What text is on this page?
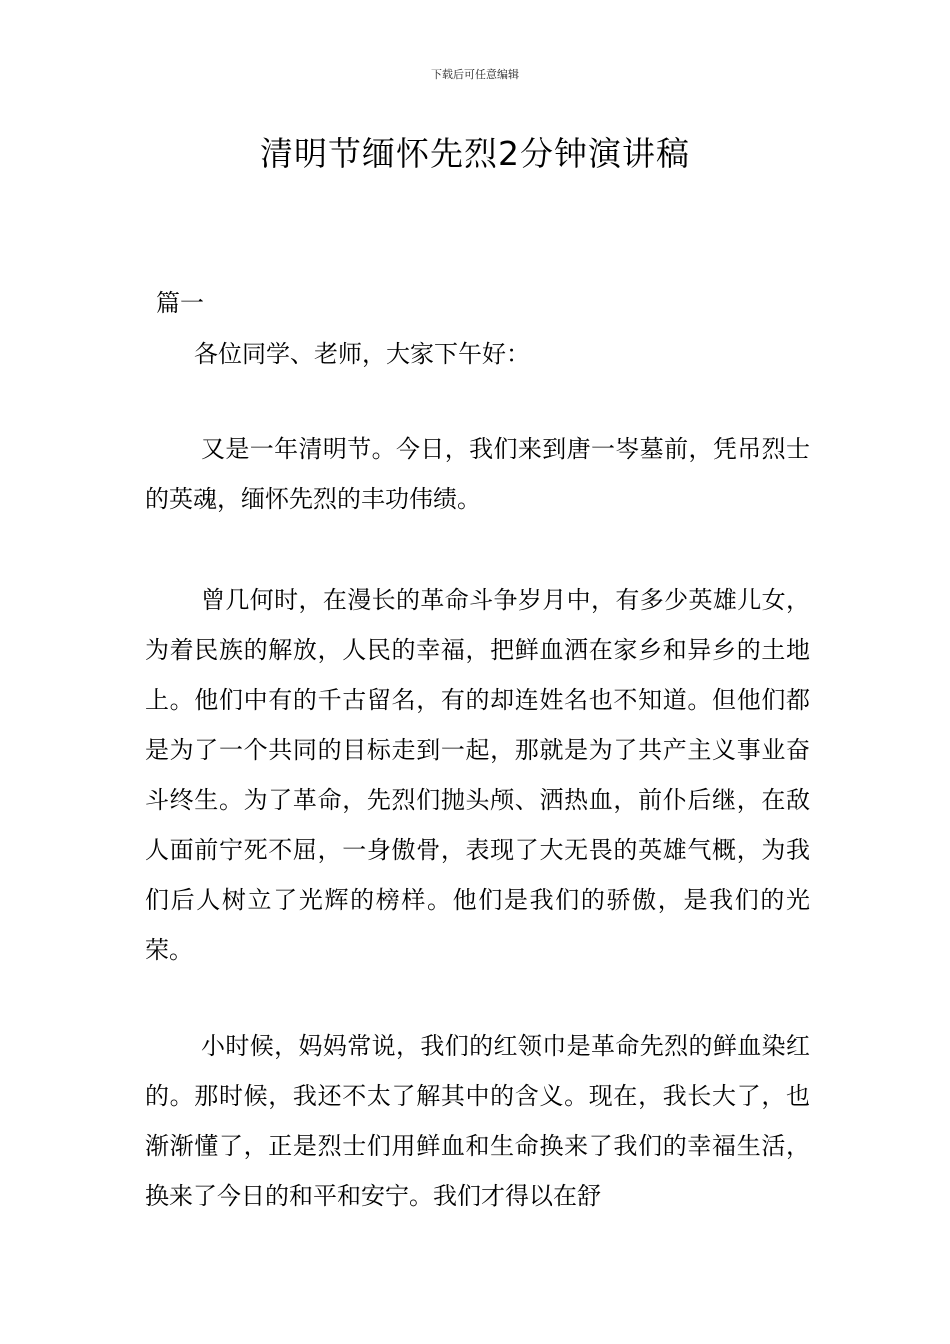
下载后可任意编辑
清明节缅怀先烈2分钟演讲稿
篇一
各位同学、老师，大家下午好：

又是一年清明节。今日，我们来到唐一岑墓前，凭吊烈士的英魂，缅怀先烈的丰功伟绩。

曾几何时，在漫长的革命斗争岁月中，有多少英雄儿女，为着民族的解放，人民的幸福，把鲜血洒在家乡和异乡的土地上。他们中有的千古留名，有的却连姓名也不知道。但他们都是为了一个共同的目标走到一起，那就是为了共产主义事业奋斗终生。为了革命，先烈们抛头颅、洒热血，前仆后继，在敌人面前宁死不屈，一身傲骨，表现了大无畏的英雄气概，为我们后人树立了光辉的榜样。他们是我们的骄傲，是我们的光荣。

小时候，妈妈常说，我们的红领巾是革命先烈的鲜血染红的。那时候，我还不太了解其中的含义。现在，我长大了，也渐渐懂了，正是烈士们用鲜血和生命换来了我们的幸福生活，换来了今日的和平和安宁。我们才得以在舒
